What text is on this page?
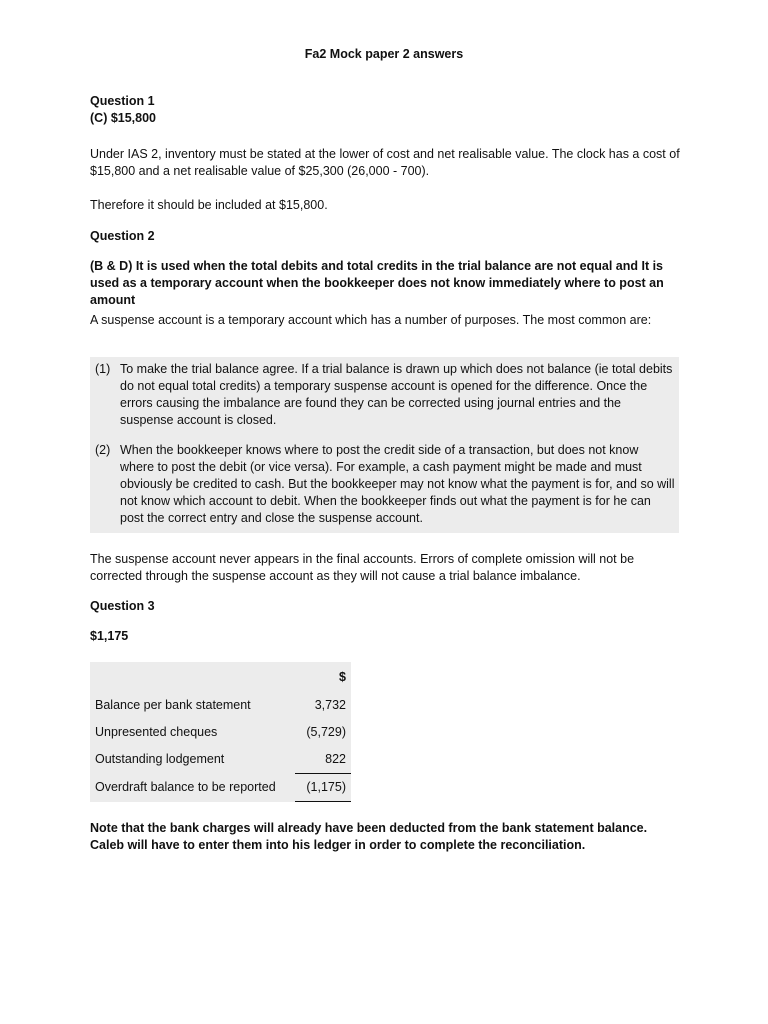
Fa2 Mock paper 2 answers

Question 1

(C) $15,800

Under IAS 2, inventory must be stated at the lower of cost and net realisable value. The clock has a cost of $15,800 and a net realisable value of $25,300 (26,000 - 700).

Therefore it should be included at $15,800.

Question 2

(B & D) It is used when the total debits and total credits in the trial balance are not equal and It is used as a temporary account when the bookkeeper does not know immediately where to post an amount

A suspense account is a temporary account which has a number of purposes. The most common are:

(1) To make the trial balance agree. If a trial balance is drawn up which does not balance (ie total debits do not equal total credits) a temporary suspense account is opened for the difference. Once the errors causing the imbalance are found they can be corrected using journal entries and the suspense account is closed.
(2) When the bookkeeper knows where to post the credit side of a transaction, but does not know where to post the debit (or vice versa). For example, a cash payment might be made and must obviously be credited to cash. But the bookkeeper may not know what the payment is for, and so will not know which account to debit. When the bookkeeper finds out what the payment is for he can post the correct entry and close the suspense account.

The suspense account never appears in the final accounts. Errors of complete omission will not be corrected through the suspense account as they will not cause a trial balance imbalance.

Question 3

$1,175

	$
Balance per bank statement	3,732
Unpresented cheques	(5,729)
Outstanding lodgement	822
Overdraft balance to be reported	(1,175)

Note that the bank charges will already have been deducted from the bank statement balance. Caleb will have to enter them into his ledger in order to complete the reconciliation.
